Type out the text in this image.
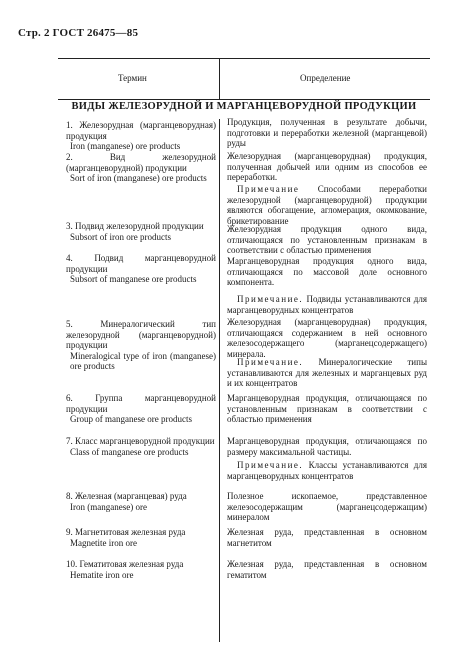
Стр. 2 ГОСТ 26475—85
Термин	Определение
ВИДЫ ЖЕЛЕЗОРУДНОЙ И МАРГАНЦЕВОРУДНОЙ ПРОДУКЦИИ
1. Железорудная (марганцеворудная) продукция
Iron (manganese) ore products
Продукция, полученная в результате добычи, подготовки и переработки железной (марганцевой) руды
2. Вид железорудной (марганцеворудной) продукции
Sort of iron (manganese) ore products
Железорудная (марганцеворудная) продукция, полученная добычей или одним из способов ее переработки.
Примечание Способами переработки железорудной (марганцеворудной) продукции являются обогащение, агломерация, окомкование, брикетирование
3. Подвид железорудной продукции
Subsort of iron ore products
Железорудная продукция одного вида, отличающаяся по установленным признакам в соответствии с областью применения
4. Подвид марганцеворудной продукции
Subsort of manganese ore products
Марганцеворудная продукция одного вида, отличающаяся по массовой доле основного компонента.
Примечание. Подвиды устанавливаются для марганцеворудных концентратов
5. Минералогический тип железорудной (марганцеворудной) продукции
Mineralogical type of iron (manganese) ore products
Железорудная (марганцеворудная) продукция, отличающаяся содержанием в ней основного железосодержащего (марганецсодержащего) минерала.
Примечание. Минералогические типы устанавливаются для железных и марганцевых руд и их концентратов
6. Группа марганцеворудной продукции
Group of manganese ore products
Марганцеворудная продукция, отличающаяся по установленным признакам в соответствии с областью применения
7. Класс марганцеворудной продукции
Class of manganese ore products
Марганцеворудная продукция, отличающаяся по размеру максимальной частицы.
Примечание. Классы устанавливаются для марганцеворудных концентратов
8. Железная (марганцевая) руда
Iron (manganese) ore
Полезное ископаемое, представленное железосодержащим (марганецсодержащим) минералом
9. Магнетитовая железная руда
Magnetite iron ore
Железная руда, представленная в основном магнетитом
10. Гематитовая железная руда
Hematite iron ore
Железная руда, представленная в основном гематитом
